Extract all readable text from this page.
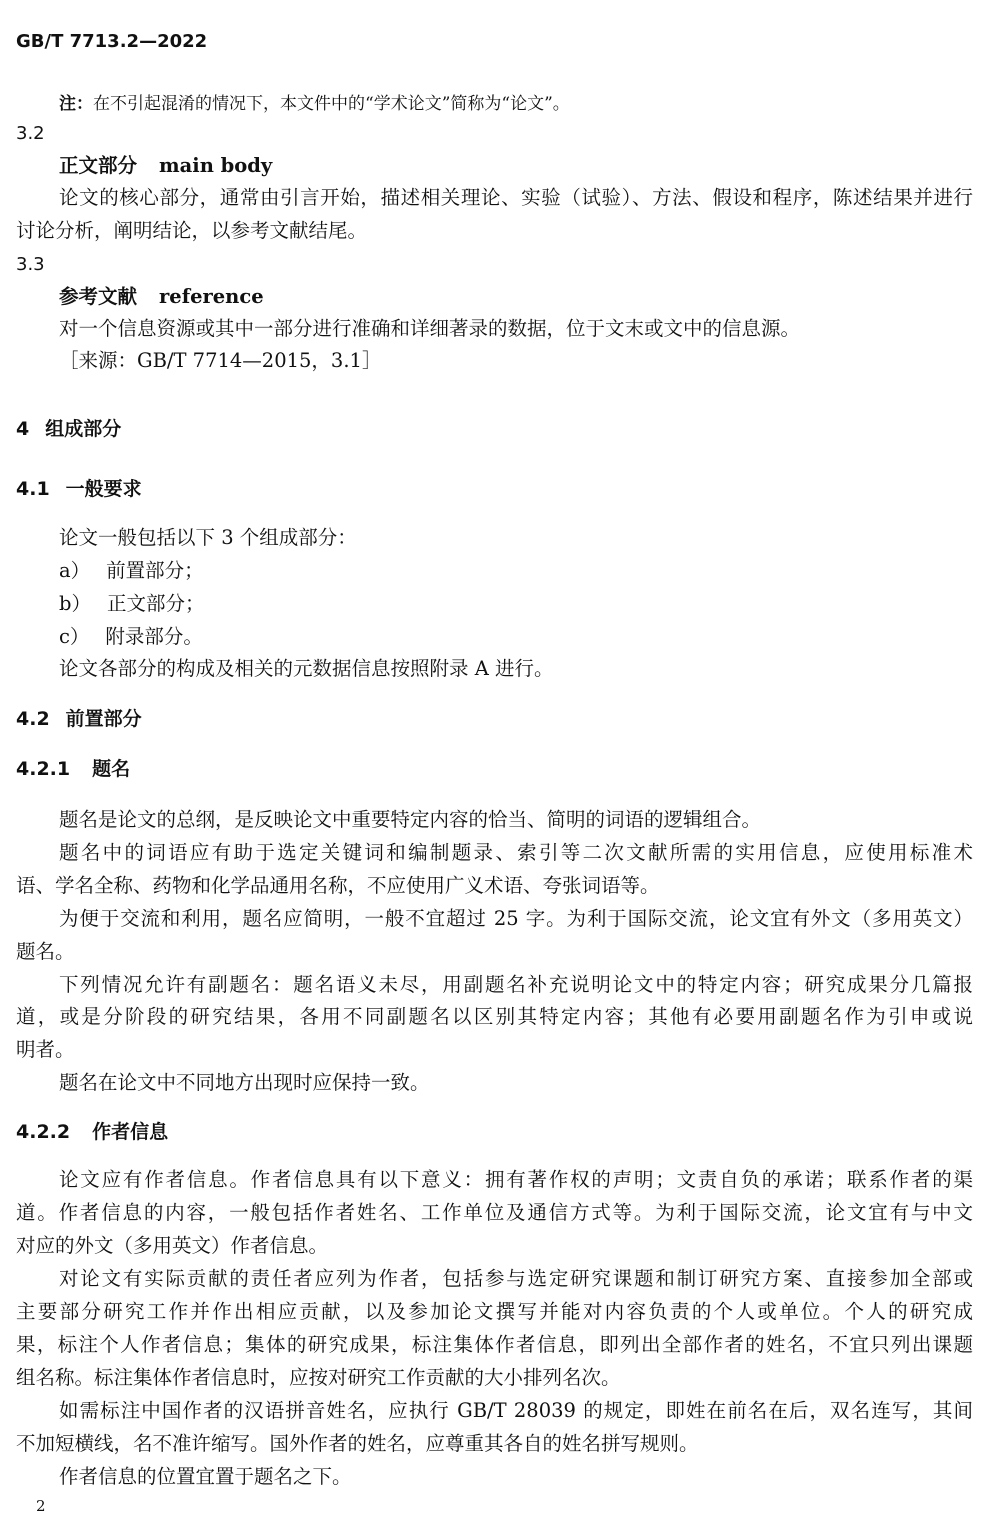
GB/T 7713.2—2022
注：在不引起混淆的情况下，本文件中的“学术论文”简称为“论文”。
3.2
正文部分 main body
论文的核心部分，通常由引言开始，描述相关理论、实验（试验）、方法、假设和程序，陈述结果并进行
讨论分析，阐明结论，以参考文献结尾。
3.3
参考文献 reference
对一个信息资源或其中一部分进行准确和详细著录的数据，位于文末或文中的信息源。
［来源：GB/T 7714—2015，3.1］
4 组成部分
4.1 一般要求
论文一般包括以下 3 个组成部分：
a） 前置部分；
b） 正文部分；
c） 附录部分。
论文各部分的构成及相关的元数据信息按照附录 A 进行。
4.2 前置部分
4.2.1 题名
题名是论文的总纲，是反映论文中重要特定内容的恰当、简明的词语的逻辑组合。
题名中的词语应有助于选定关键词和编制题录、索引等二次文献所需的实用信息，应使用标准术
语、学名全称、药物和化学品通用名称，不应使用广义术语、夸张词语等。
为便于交流和利用，题名应简明，一般不宜超过 25 字。为利于国际交流，论文宜有外文（多用英文）
题名。
下列情况允许有副题名：题名语义未尽，用副题名补充说明论文中的特定内容；研究成果分几篇报
道，或是分阶段的研究结果，各用不同副题名以区别其特定内容；其他有必要用副题名作为引申或说
明者。
题名在论文中不同地方出现时应保持一致。
4.2.2 作者信息
论文应有作者信息。作者信息具有以下意义：拥有著作权的声明；文责自负的承诺；联系作者的渠
道。作者信息的内容，一般包括作者姓名、工作单位及通信方式等。为利于国际交流，论文宜有与中文
对应的外文（多用英文）作者信息。
对论文有实际贡献的责任者应列为作者，包括参与选定研究课题和制订研究方案、直接参加全部或
主要部分研究工作并作出相应贡献，以及参加论文撰写并能对内容负责的个人或单位。个人的研究成
果，标注个人作者信息；集体的研究成果，标注集体作者信息，即列出全部作者的姓名，不宜只列出课题
组名称。标注集体作者信息时，应按对研究工作贡献的大小排列名次。
如需标注中国作者的汉语拼音姓名，应执行 GB/T 28039 的规定，即姓在前名在后，双名连写，其间
不加短横线，名不准许缩写。国外作者的姓名，应尊重其各自的姓名拼写规则。
作者信息的位置宜置于题名之下。
2
